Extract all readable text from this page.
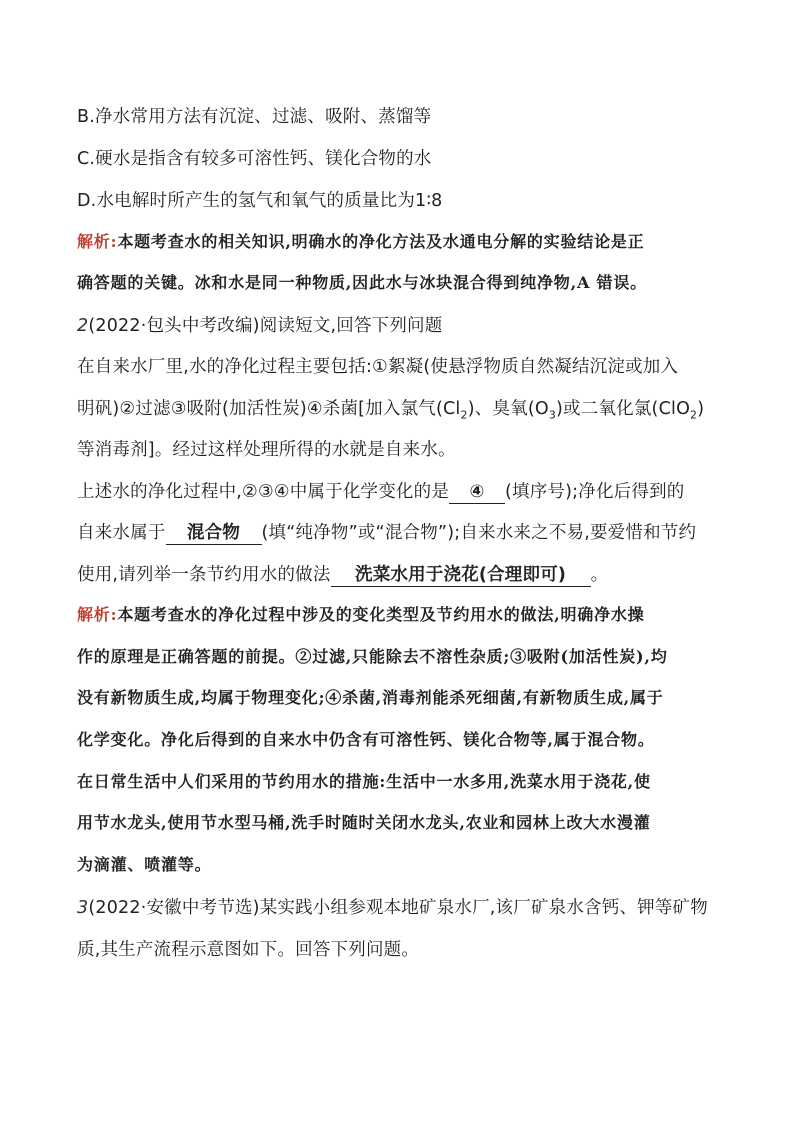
B.净水常用方法有沉淀、过滤、吸附、蒸馏等
C.硬水是指含有较多可溶性钙、镁化合物的水
D.水电解时所产生的氢气和氧气的质量比为1∶8
解析:本题考查水的相关知识,明确水的净化方法及水通电分解的实验结论是正
确答题的关键。冰和水是同一种物质,因此水与冰块混合得到纯净物,A 错误。
2(2022·包头中考改编)阅读短文,回答下列问题
在自来水厂里,水的净化过程主要包括:①絮凝(使悬浮物质自然凝结沉淀或加入
明矾)②过滤③吸附(加活性炭)④杀菌[加入氯气$(Cl_2)$、臭氧$(O_3)$或二氧化氯(ClO$_2$)
等消毒剂]。经过这样处理所得的水就是自来水。
上述水的净化过程中,②③④中属于化学变化的是 ④ (填序号);净化后得到的
自来水属于 混合物 (填“纯净物”或“混合物”);自来水来之不易,要爱惜和节约
使用,请列举一条节约用水的做法 洗菜水用于浇花(合理即可) 。
解析:本题考查水的净化过程中涉及的变化类型及节约用水的做法,明确净水操
作的原理是正确答题的前提。②过滤,只能除去不溶性杂质;③吸附(加活性炭),均
没有新物质生成,均属于物理变化;④杀菌,消毒剂能杀死细菌,有新物质生成,属于
化学变化。净化后得到的自来水中仍含有可溶性钙、镁化合物等,属于混合物。
在日常生活中人们采用的节约用水的措施:生活中一水多用,洗菜水用于浇花,使
用节水龙头,使用节水型马桶,洗手时随时关闭水龙头,农业和园林上改大水漫灌
为滴灌、喷灌等。
3(2022·安徽中考节选)某实践小组参观本地矿泉水厂,该厂矿泉水含钙、钾等矿物
质,其生产流程示意图如下。回答下列问题。
